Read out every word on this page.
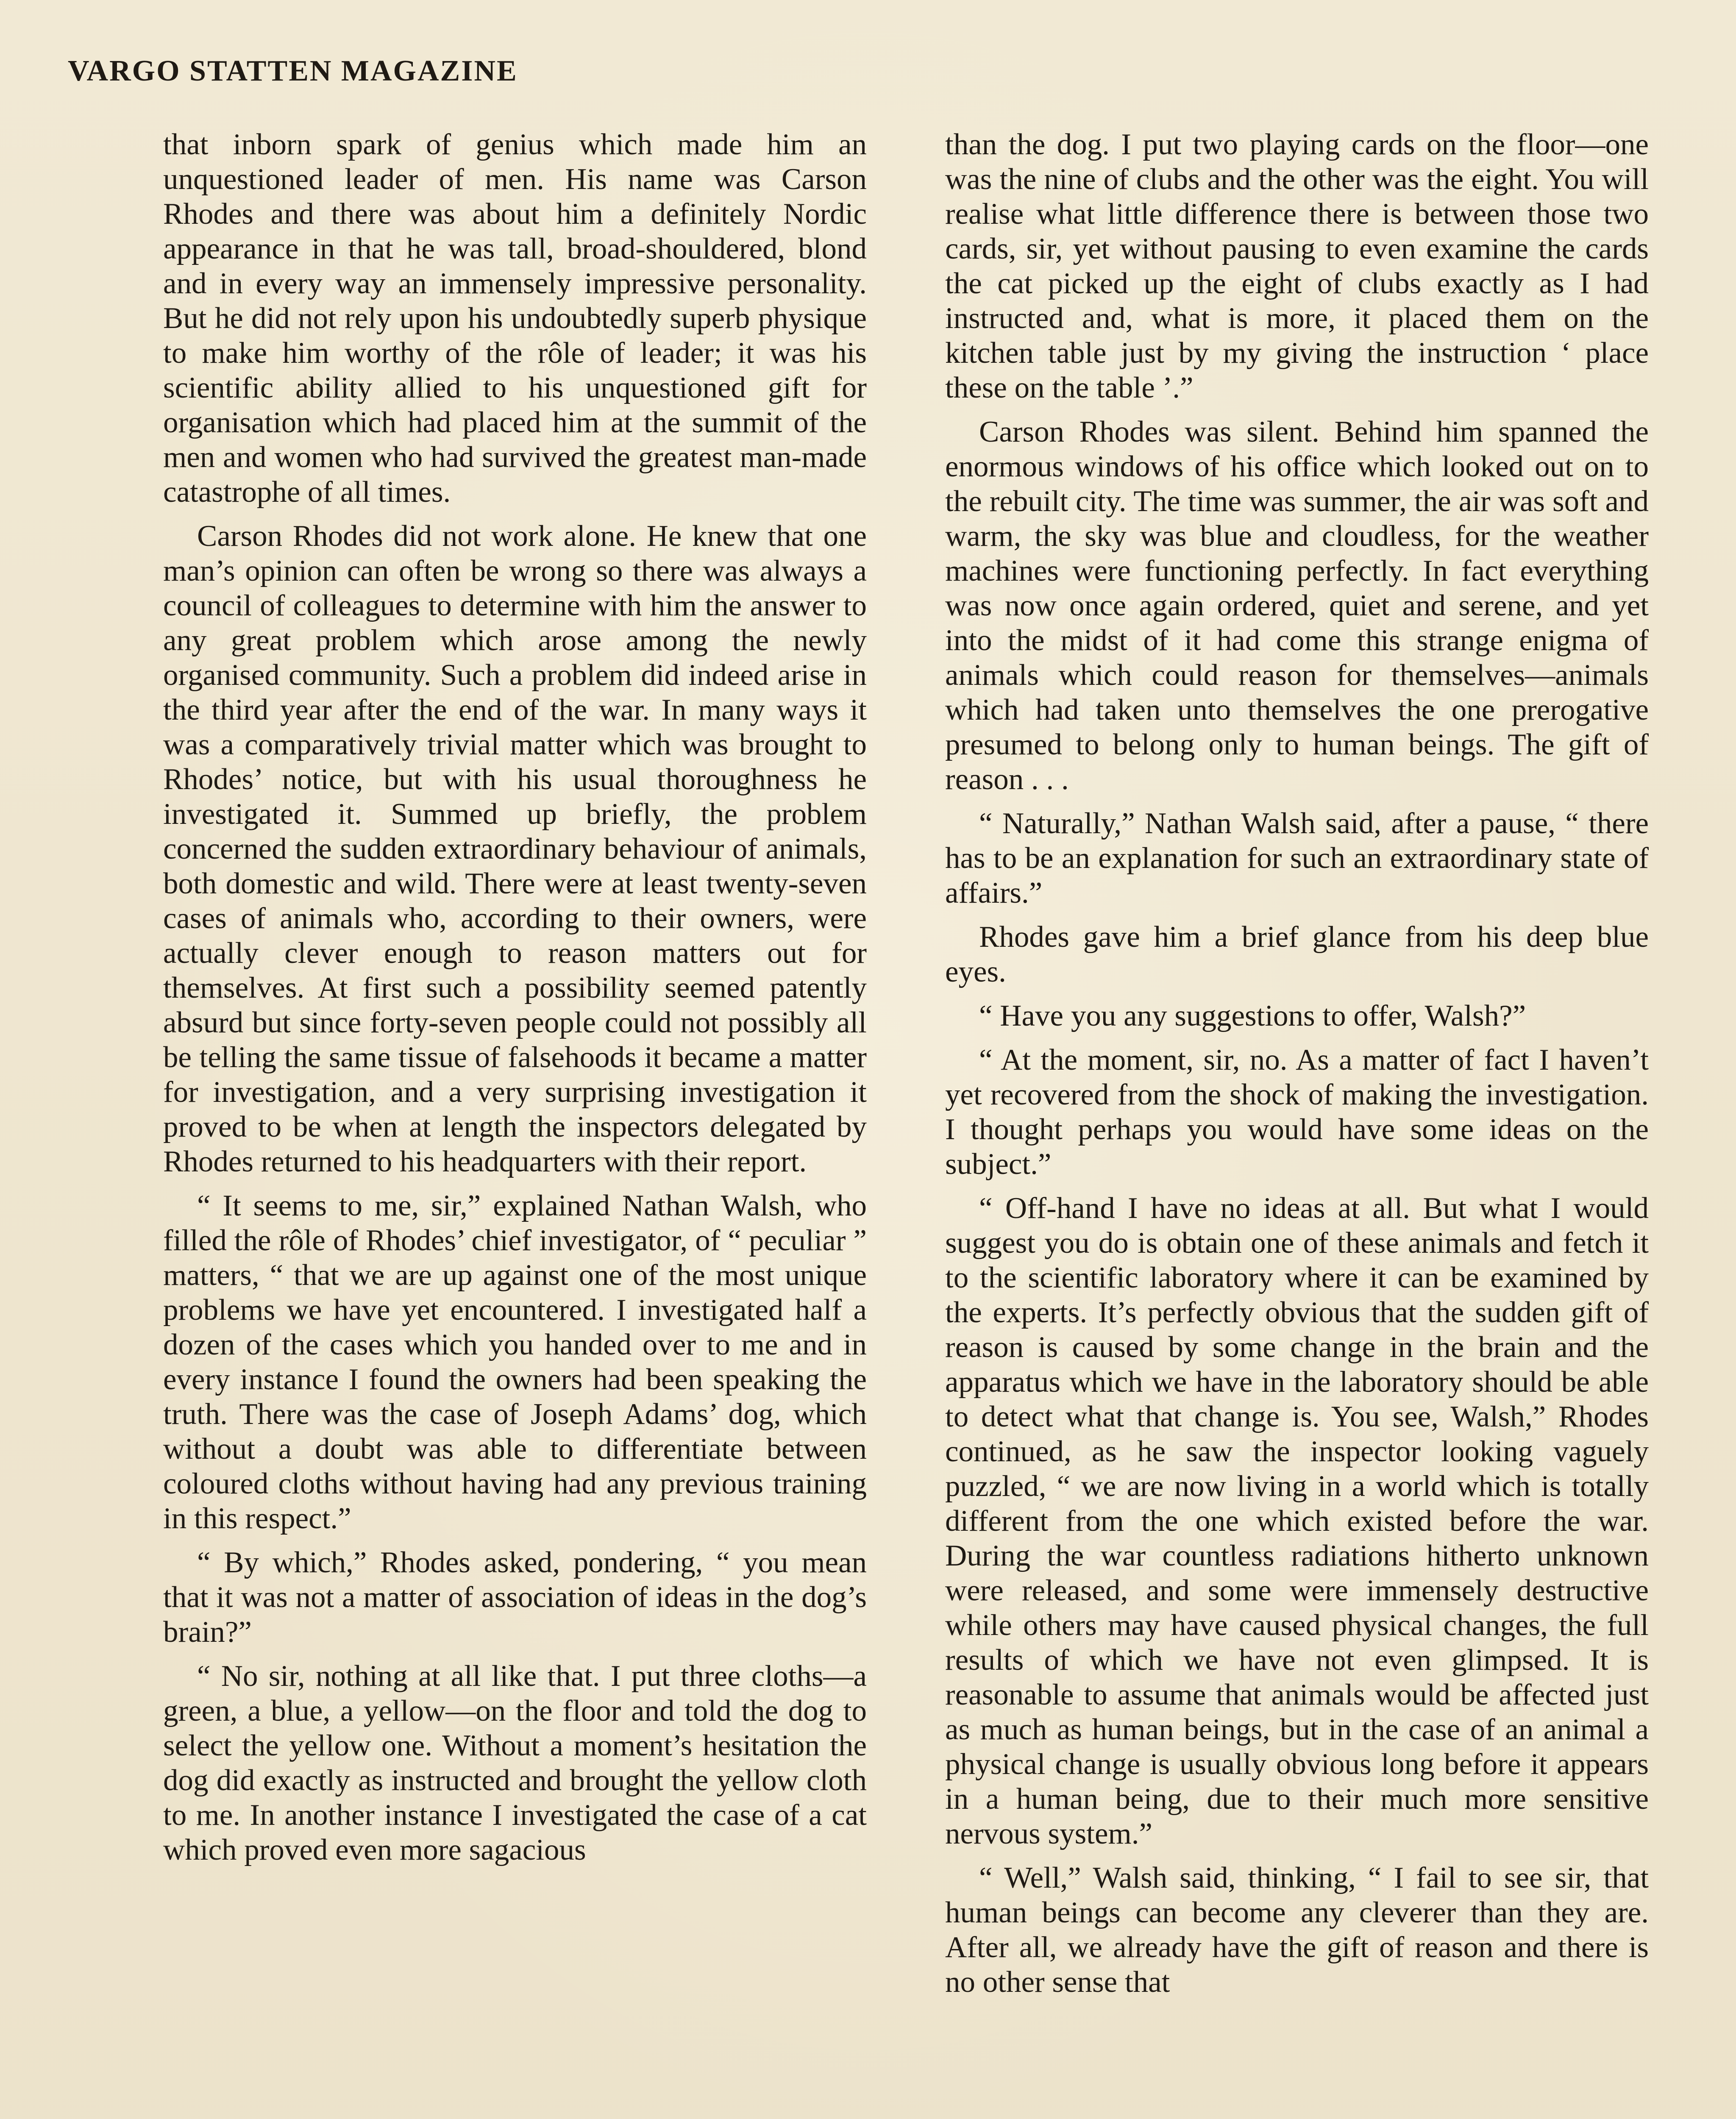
VARGO STATTEN MAGAZINE

that inborn spark of genius which made him an unquestioned leader of men. His name was Carson Rhodes and there was about him a definitely Nordic appearance in that he was tall, broad-shouldered, blond and in every way an immensely impressive personality. But he did not rely upon his undoubtedly superb physique to make him worthy of the rôle of leader; it was his scientific ability allied to his unquestioned gift for organisation which had placed him at the summit of the men and women who had survived the greatest man-made catastrophe of all times.

Carson Rhodes did not work alone. He knew that one man’s opinion can often be wrong so there was always a council of colleagues to determine with him the answer to any great problem which arose among the newly organised community. Such a problem did indeed arise in the third year after the end of the war. In many ways it was a comparatively trivial matter which was brought to Rhodes’ notice, but with his usual thoroughness he investigated it. Summed up briefly, the problem concerned the sudden extraordinary behaviour of animals, both domestic and wild. There were at least twenty-seven cases of animals who, according to their owners, were actually clever enough to reason matters out for themselves. At first such a possibility seemed patently absurd but since forty-seven people could not possibly all be telling the same tissue of falsehoods it became a matter for investigation, and a very surprising investigation it proved to be when at length the inspectors delegated by Rhodes returned to his headquarters with their report.

“ It seems to me, sir,” explained Nathan Walsh, who filled the rôle of Rhodes’ chief investigator, of “ peculiar ” matters, “ that we are up against one of the most unique problems we have yet encountered. I investigated half a dozen of the cases which you handed over to me and in every instance I found the owners had been speaking the truth. There was the case of Joseph Adams’ dog, which without a doubt was able to differentiate between coloured cloths without having had any previous training in this respect.”

“ By which,” Rhodes asked, pondering, “ you mean that it was not a matter of association of ideas in the dog’s brain?”

“ No sir, nothing at all like that. I put three cloths—a green, a blue, a yellow—on the floor and told the dog to select the yellow one. Without a moment’s hesitation the dog did exactly as instructed and brought the yellow cloth to me. In another instance I investigated the case of a cat which proved even more sagacious

than the dog. I put two playing cards on the floor—one was the nine of clubs and the other was the eight. You will realise what little difference there is between those two cards, sir, yet without pausing to even examine the cards the cat picked up the eight of clubs exactly as I had instructed and, what is more, it placed them on the kitchen table just by my giving the instruction ‘ place these on the table ’.”

Carson Rhodes was silent. Behind him spanned the enormous windows of his office which looked out on to the rebuilt city. The time was summer, the air was soft and warm, the sky was blue and cloudless, for the weather machines were functioning perfectly. In fact everything was now once again ordered, quiet and serene, and yet into the midst of it had come this strange enigma of animals which could reason for themselves—animals which had taken unto themselves the one prerogative presumed to belong only to human beings. The gift of reason . . .

“ Naturally,” Nathan Walsh said, after a pause, “ there has to be an explanation for such an extraordinary state of affairs.”

Rhodes gave him a brief glance from his deep blue eyes.

“ Have you any suggestions to offer, Walsh?”

“ At the moment, sir, no. As a matter of fact I haven’t yet recovered from the shock of making the investigation. I thought perhaps you would have some ideas on the subject.”

“ Off-hand I have no ideas at all. But what I would suggest you do is obtain one of these animals and fetch it to the scientific laboratory where it can be examined by the experts. It’s perfectly obvious that the sudden gift of reason is caused by some change in the brain and the apparatus which we have in the laboratory should be able to detect what that change is. You see, Walsh,” Rhodes continued, as he saw the inspector looking vaguely puzzled, “ we are now living in a world which is totally different from the one which existed before the war. During the war countless radiations hitherto unknown were released, and some were immensely destructive while others may have caused physical changes, the full results of which we have not even glimpsed. It is reasonable to assume that animals would be affected just as much as human beings, but in the case of an animal a physical change is usually obvious long before it appears in a human being, due to their much more sensitive nervous system.”

“ Well,” Walsh said, thinking, “ I fail to see sir, that human beings can become any cleverer than they are. After all, we already have the gift of reason and there is no other sense that
